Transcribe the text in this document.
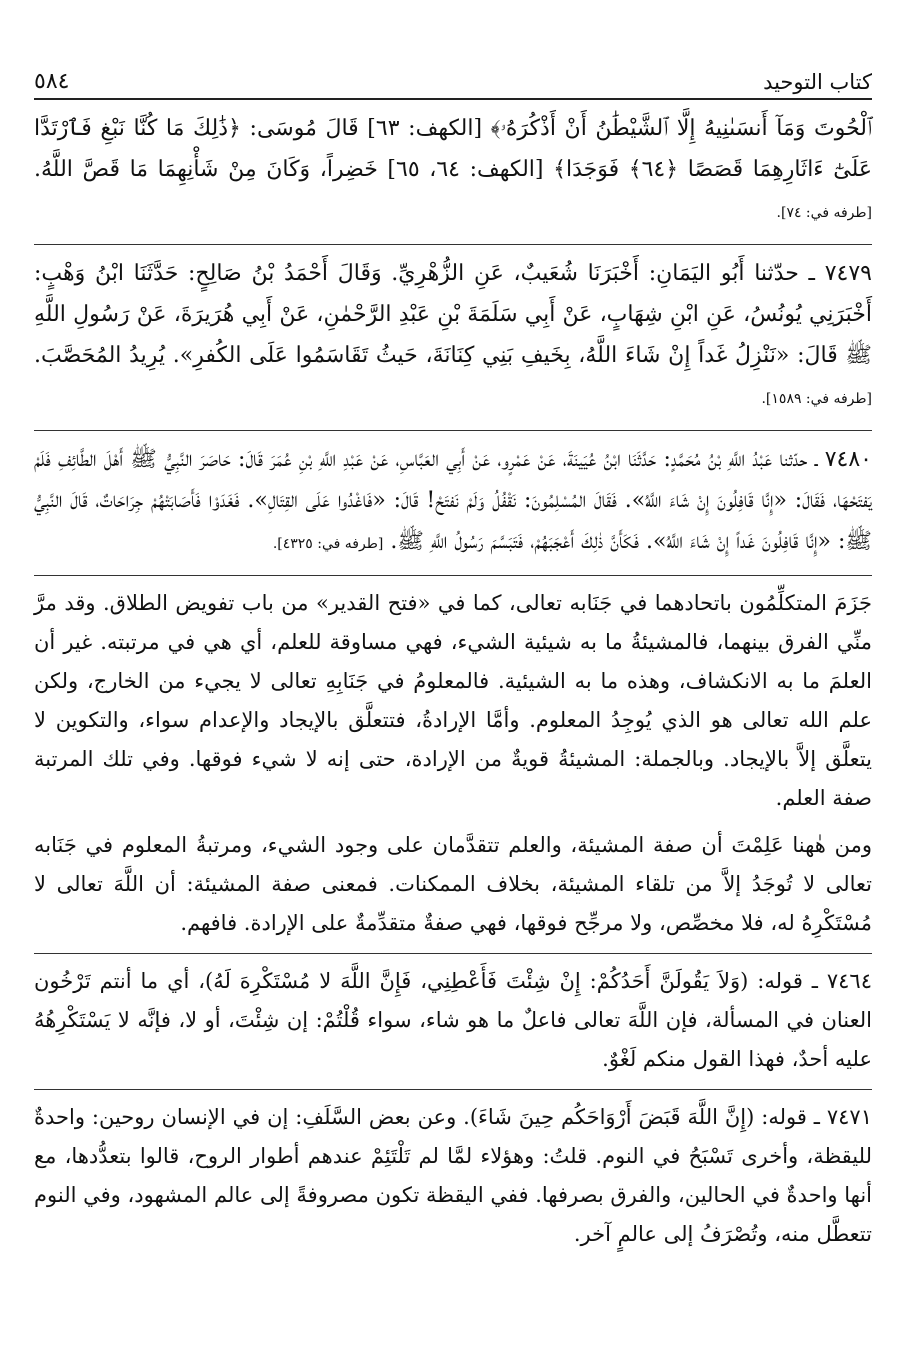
كتاب التوحيد
٥٨٤
ٱلْحُوتَ وَمَآ أَنسَىٰنِيهُ إِلَّا ٱلشَّيْطَٰنُ أَنْ أَذْكُرَهُۥ﴾ [الكهف: ٦٣] قَالَ مُوسَى: ﴿ذَٰلِكَ مَا كُنَّا نَبْغِ فَٱرْتَدَّا عَلَىٰٓ ءَاثَارِهِمَا قَصَصًا ﴿٦٤﴾ فَوَجَدَا﴾ [الكهف: ٦٤، ٦٥] خَضِراً، وَكَانَ مِنْ شَأْنِهِمَا مَا قَصَّ اللَّهُ. [طرفه في: ٧٤].
٧٤٧٩ ـ حدّثنا أَبُو اليَمَانِ: أَخْبَرَنَا شُعَيبٌ، عَنِ الزُّهْرِيِّ. وَقَالَ أَحْمَدُ بْنُ صَالِحٍ: حَدَّثَنَا ابْنُ وَهْبٍ: أَخْبَرَنِي يُونُسُ، عَنِ ابْنِ شِهَابٍ، عَنْ أَبِي سَلَمَةَ بْنِ عَبْدِ الرَّحْمٰنِ، عَنْ أَبِي هُرَيرَةَ، عَنْ رَسُولِ اللَّهِ ﷺ قَالَ: «نَنْزِلُ غَداً إِنْ شَاءَ اللَّهُ، بِخَيفِ بَنِي كِنَانَةَ، حَيثُ تَقَاسَمُوا عَلَى الكُفرِ». يُرِيدُ المُحَصَّبَ. [طرفه في: ١٥٨٩].
٧٤٨٠ ـ حدّثنا عَبْدُ اللَّهِ بْنُ مُحَمَّدٍ: حَدَّثَنَا ابْنُ عُيَينَةَ، عَنْ عَمْرٍو، عَنْ أَبِي العَبَّاسِ، عَنْ عَبْدِ اللَّهِ بْنِ عُمَرَ قَالَ: حَاصَرَ النَّبِيُّ ﷺ أَهْلَ الطَّائِفِ فَلَمْ يَفتَحْهَا، فَقَالَ: «إِنَّا قَافِلُونَ إِنْ شَاءَ اللَّهُ». فَقَالَ المُسْلِمُونَ: نَقْفُلُ وَلَمْ نَفتَحْ! قَالَ: «فَاغْدُوا عَلَى القِتَالِ». فَغَدَوْا فَأَصَابَتْهُمْ جِرَاحَاتٌ، قَالَ النَّبِيُّ ﷺ: «إِنَّا قَافِلُونَ غَداً إِنْ شَاءَ اللَّهُ». فَكَأَنَّ ذٰلِكَ أَعْجَبَهُمْ، فَتَبَسَّمَ رَسُولُ اللَّهِ ﷺ. [طرفه في: ٤٣٢٥].
جَزَمَ المتكلِّمُون باتحادهما في جَنَابه تعالى، كما في «فتح القدير» من باب تفويض الطلاق. وقد مرَّ منِّي الفرق بينهما، فالمشيئةُ ما به شيئية الشيء، فهي مساوقة للعلم، أي هي في مرتبته. غير أن العلمَ ما به الانكشاف، وهذه ما به الشيئية. فالمعلومُ في جَنَابِهِ تعالى لا يجيء من الخارج، ولكن علم الله تعالى هو الذي يُوجِدُ المعلوم. وأمَّا الإرادةُ، فتتعلَّق بالإيجاد والإعدام سواء، والتكوين لا يتعلَّق إلاَّ بالإيجاد. وبالجملة: المشيئةُ قويةٌ من الإرادة، حتى إنه لا شيء فوقها. وفي تلك المرتبة صفة العلم.
ومن هٰهنا عَلِمْتَ أن صفة المشيئة، والعلم تتقدَّمان على وجود الشيء، ومرتبةُ المعلوم في جَنَابه تعالى لا تُوجَدُ إلاَّ من تلقاء المشيئة، بخلاف الممكنات. فمعنى صفة المشيئة: أن اللَّهَ تعالى لا مُسْتَكْرِهُ له، فلا مخصِّص، ولا مرجِّح فوقها، فهي صفةٌ متقدِّمةٌ على الإرادة. فافهم.
٧٤٦٤ ـ قوله: (وَلاَ يَقُولَنَّ أَحَدُكُمْ: إِنْ شِئْتَ فَأَعْطِنِي، فَإِنَّ اللَّهَ لا مُسْتَكْرِهَ لَهُ)، أي ما أنتم تَرْخُون العنان في المسألة، فإن اللَّهَ تعالى فاعلٌ ما هو شاء، سواء قُلْتُمْ: إن شِئْتَ، أو لا، فإنَّه لا يَسْتَكْرِهُهُ عليه أحدٌ، فهذا القول منكم لَغْوٌ.
٧٤٧١ ـ قوله: (إِنَّ اللَّهَ قَبَضَ أَرْوَاحَكُم حِينَ شَاءَ). وعن بعض السَّلَفِ: إن في الإنسان روحين: واحدةٌ لليقظة، وأخرى تَسْبَحُ في النوم. قلتُ: وهؤلاء لمَّا لم تَلْتَئِمْ عندهم أطوار الروح، قالوا بتعدُّدها، مع أنها واحدةٌ في الحالين، والفرق بصرفها. ففي اليقظة تكون مصروفةً إلى عالم المشهود، وفي النوم تتعطَّل منه، وتُصْرَفُ إلى عالمٍ آخر.
